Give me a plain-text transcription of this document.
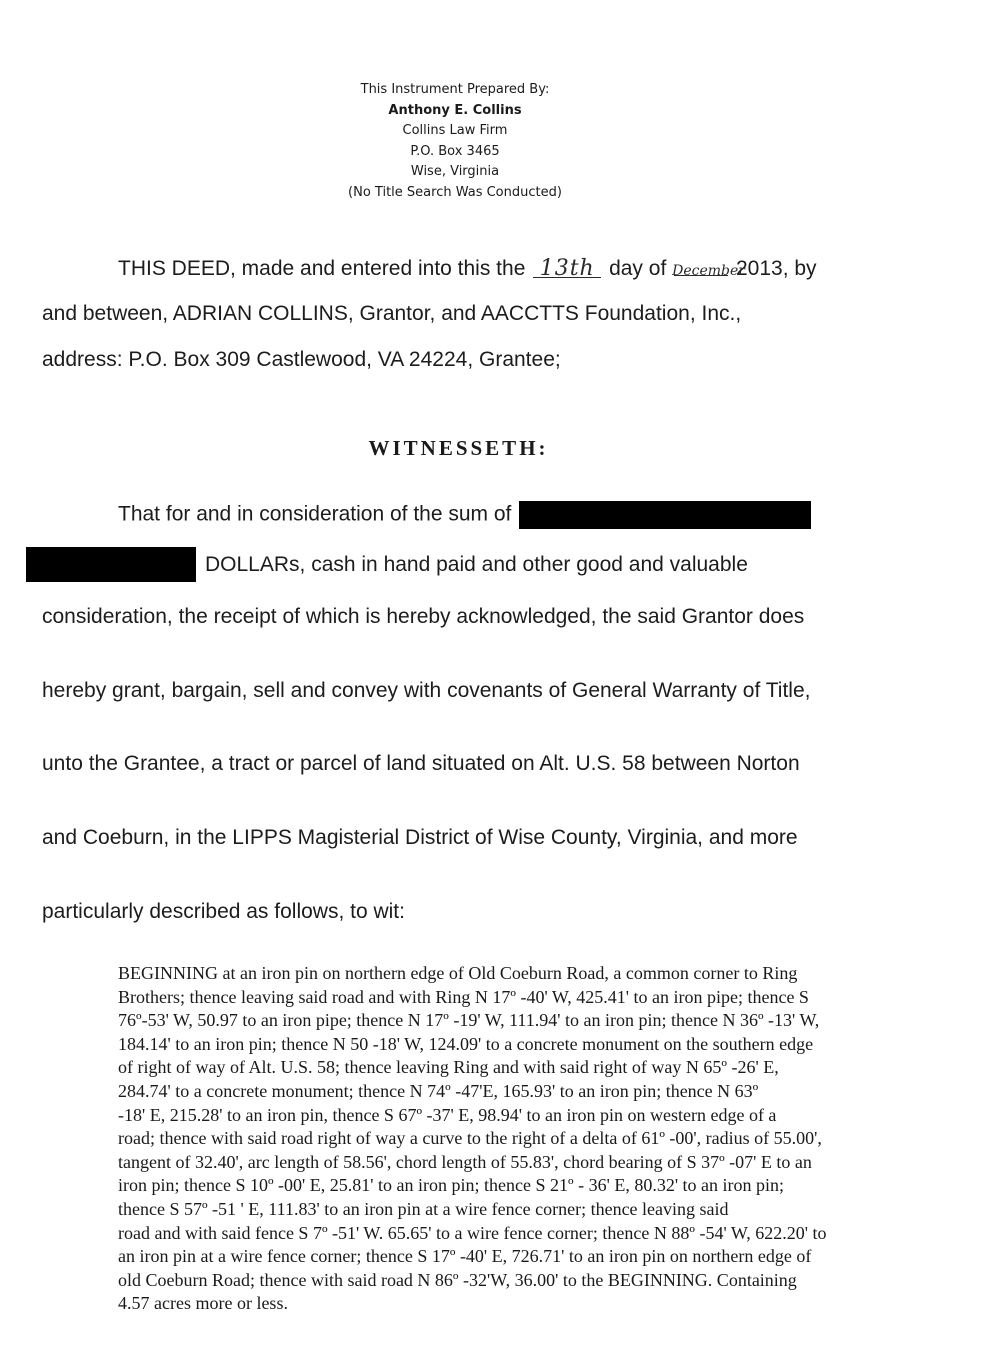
This Instrument Prepared By:
Anthony E. Collins
Collins Law Firm
P.O. Box 3465
Wise, Virginia
(No Title Search Was Conducted)
THIS DEED, made and entered into this the 13th day of December 2013, by
and between, ADRIAN COLLINS, Grantor, and AACCTTS Foundation, Inc.,
address: P.O. Box 309 Castlewood, VA 24224, Grantee;
WITNESSETH:
That for and in consideration of the sum of
DOLLARs, cash in hand paid and other good and valuable
consideration, the receipt of which is hereby acknowledged, the said Grantor does
hereby grant, bargain, sell and convey with covenants of General Warranty of Title,
unto the Grantee, a tract or parcel of land situated on Alt. U.S. 58 between Norton
and Coeburn, in the LIPPS Magisterial District of Wise County, Virginia, and more
particularly described as follows, to wit:
BEGINNING at an iron pin on northern edge of Old Coeburn Road, a common corner to Ring
Brothers; thence leaving said road and with Ring N 17º -40' W, 425.41' to an iron pipe; thence S
76º-53' W, 50.97 to an iron pipe; thence N 17º -19' W, 111.94' to an iron pin; thence N 36º -13' W,
184.14' to an iron pin; thence N 50 -18' W, 124.09' to a concrete monument on the southern edge
of right of way of Alt. U.S. 58; thence leaving Ring and with said right of way N 65º -26' E,
284.74' to a concrete monument; thence N 74º -47'E, 165.93' to an iron pin; thence N 63º
-18' E, 215.28' to an iron pin, thence S 67º -37' E, 98.94' to an iron pin on western edge of a
road; thence with said road right of way a curve to the right of a delta of 61º -00', radius of 55.00',
tangent of 32.40', arc length of 58.56', chord length of 55.83', chord bearing of S 37º -07' E to an
iron pin; thence S 10º -00' E, 25.81' to an iron pin; thence S 21º - 36' E, 80.32' to an iron pin;
thence S 57º -51 ' E, 111.83' to an iron pin at a wire fence corner; thence leaving said
road and with said fence S 7º -51' W. 65.65' to a wire fence corner; thence N 88º -54' W, 622.20' to
an iron pin at a wire fence corner; thence S 17º -40' E, 726.71' to an iron pin on northern edge of
old Coeburn Road; thence with said road N 86º -32'W, 36.00' to the BEGINNING. Containing
4.57 acres more or less.
